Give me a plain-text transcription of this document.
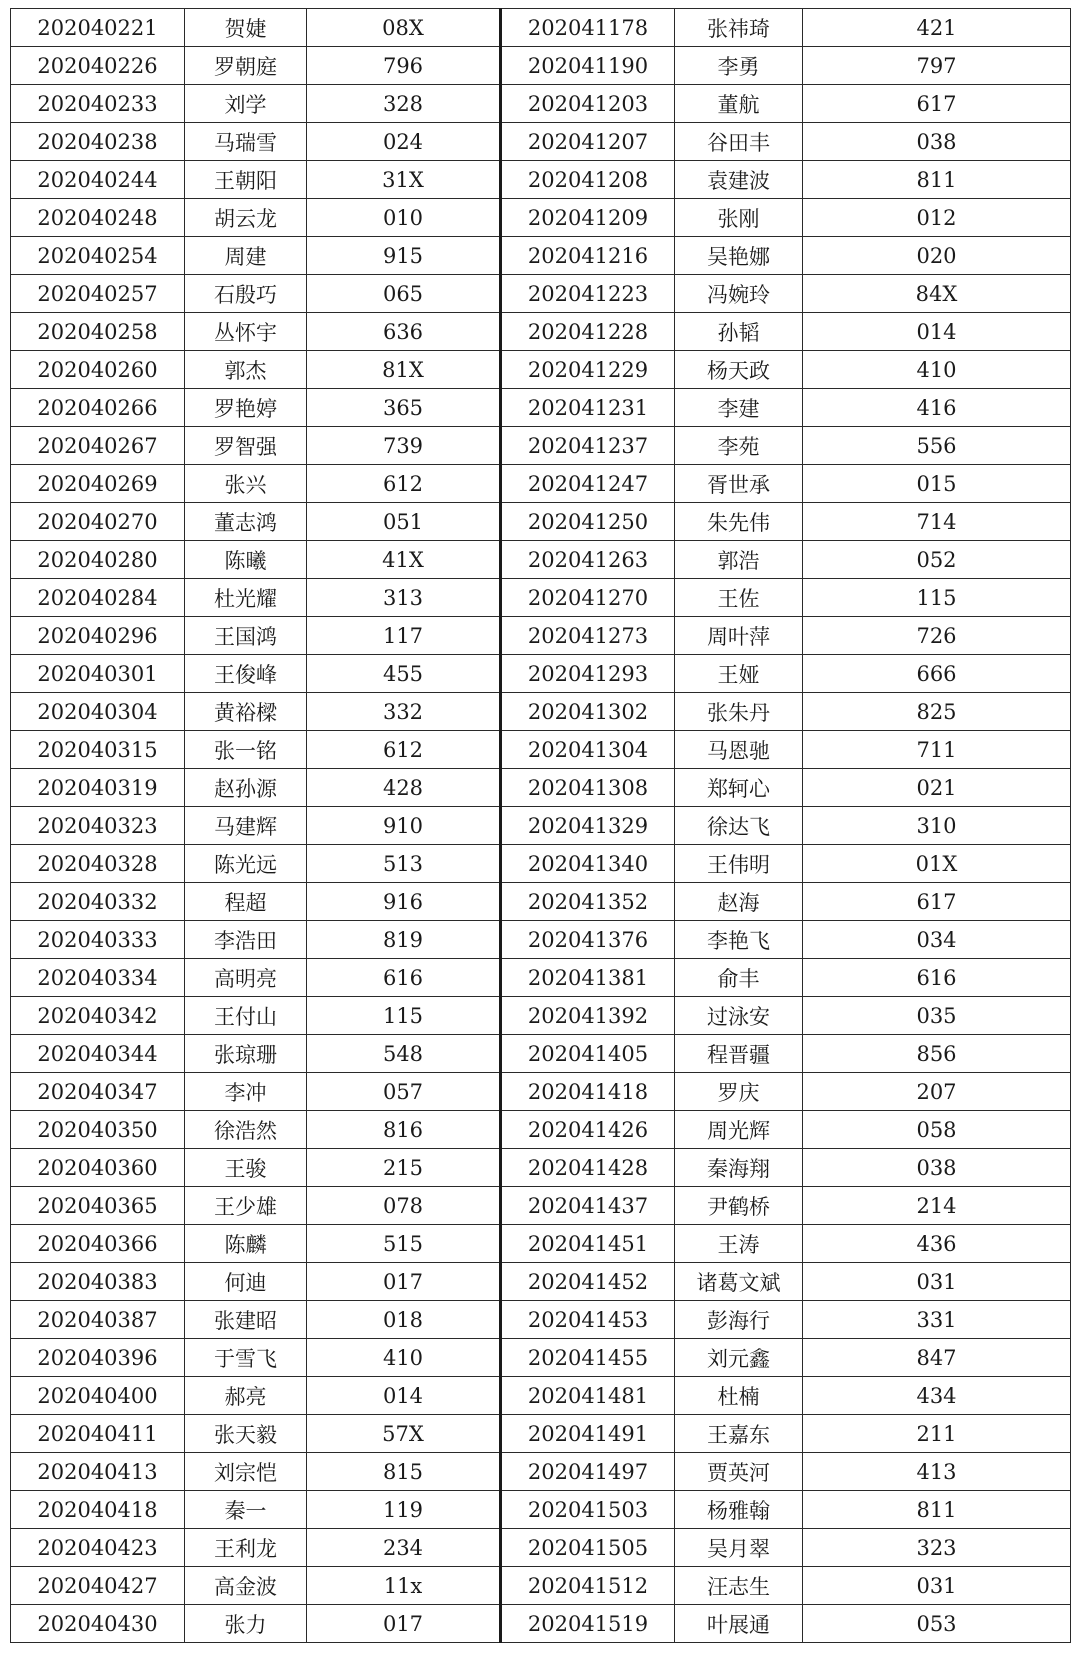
202040221	贺婕	08X	202041178	张祎琦	421
202040226	罗朝庭	796	202041190	李勇	797
202040233	刘学	328	202041203	董航	617
202040238	马瑞雪	024	202041207	谷田丰	038
202040244	王朝阳	31X	202041208	袁建波	811
202040248	胡云龙	010	202041209	张刚	012
202040254	周建	915	202041216	吴艳娜	020
202040257	石殷巧	065	202041223	冯婉玲	84X
202040258	丛怀宇	636	202041228	孙韬	014
202040260	郭杰	81X	202041229	杨天政	410
202040266	罗艳婷	365	202041231	李建	416
202040267	罗智强	739	202041237	李苑	556
202040269	张兴	612	202041247	胥世承	015
202040270	董志鸿	051	202041250	朱先伟	714
202040280	陈曦	41X	202041263	郭浩	052
202040284	杜光耀	313	202041270	王佐	115
202040296	王国鸿	117	202041273	周叶萍	726
202040301	王俊峰	455	202041293	王娅	666
202040304	黄裕樑	332	202041302	张朱丹	825
202040315	张一铭	612	202041304	马恩驰	711
202040319	赵孙源	428	202041308	郑轲心	021
202040323	马建辉	910	202041329	徐达飞	310
202040328	陈光远	513	202041340	王伟明	01X
202040332	程超	916	202041352	赵海	617
202040333	李浩田	819	202041376	李艳飞	034
202040334	高明亮	616	202041381	俞丰	616
202040342	王付山	115	202041392	过泳安	035
202040344	张琼珊	548	202041405	程晋疆	856
202040347	李冲	057	202041418	罗庆	207
202040350	徐浩然	816	202041426	周光辉	058
202040360	王骏	215	202041428	秦海翔	038
202040365	王少雄	078	202041437	尹鹤桥	214
202040366	陈麟	515	202041451	王涛	436
202040383	何迪	017	202041452	诸葛文斌	031
202040387	张建昭	018	202041453	彭海行	331
202040396	于雪飞	410	202041455	刘元鑫	847
202040400	郝亮	014	202041481	杜楠	434
202040411	张天毅	57X	202041491	王嘉东	211
202040413	刘宗恺	815	202041497	贾英河	413
202040418	秦一	119	202041503	杨雅翰	811
202040423	王利龙	234	202041505	吴月翠	323
202040427	高金波	11x	202041512	汪志生	031
202040430	张力	017	202041519	叶展通	053
